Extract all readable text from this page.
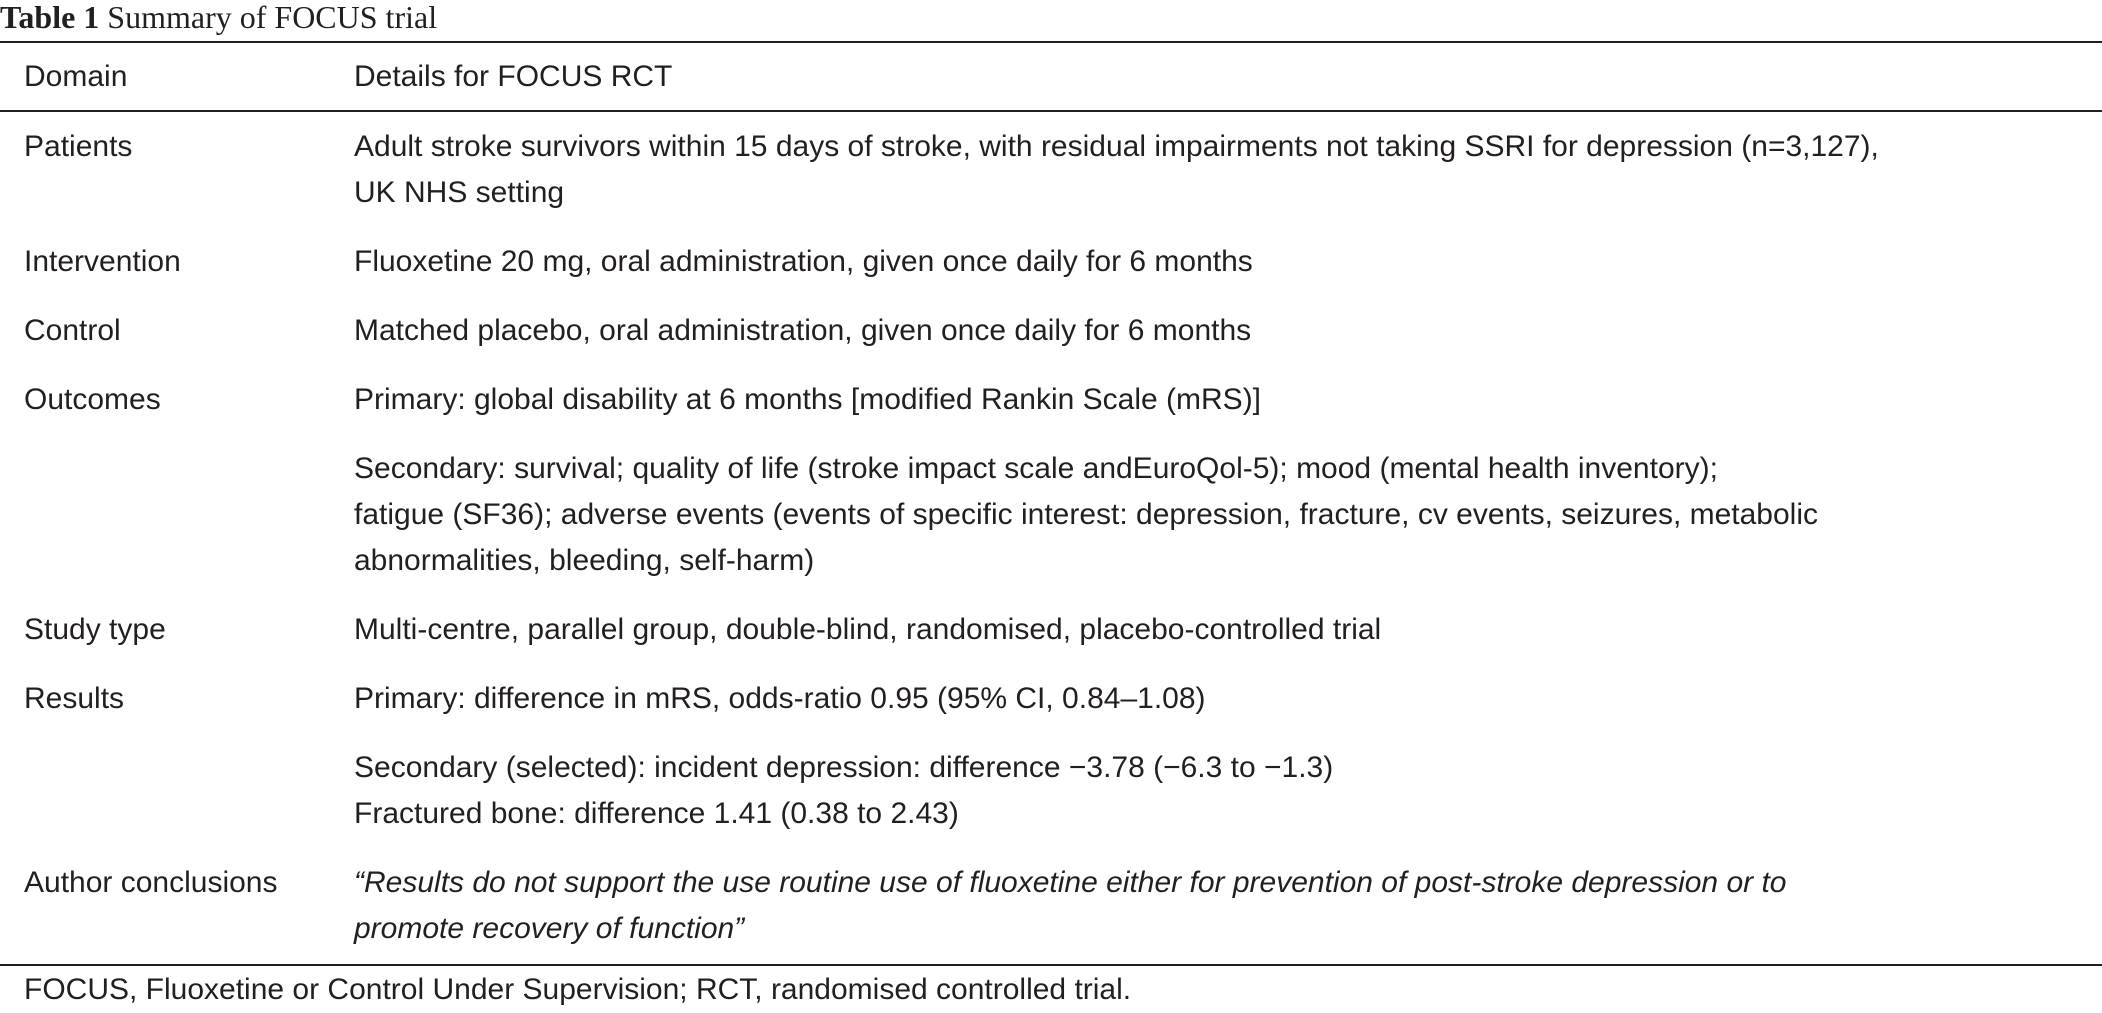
Table 1 Summary of FOCUS trial
Domain	Details for FOCUS RCT
Patients	Adult stroke survivors within 15 days of stroke, with residual impairments not taking SSRI for depression (n=3,127),
UK NHS setting

Intervention	Fluoxetine 20 mg, oral administration, given once daily for 6 months

Control	Matched placebo, oral administration, given once daily for 6 months

Outcomes	Primary: global disability at 6 months [modified Rankin Scale (mRS)]

Secondary: survival; quality of life (stroke impact scale andEuroQol-5); mood (mental health inventory);
fatigue (SF36); adverse events (events of specific interest: depression, fracture, cv events, seizures, metabolic
abnormalities, bleeding, self-harm)

Study type	Multi-centre, parallel group, double-blind, randomised, placebo-controlled trial

Results	Primary: difference in mRS, odds-ratio 0.95 (95% CI, 0.84–1.08)

Secondary (selected): incident depression: difference −3.78 (−6.3 to −1.3)
Fractured bone: difference 1.41 (0.38 to 2.43)

Author conclusions	“Results do not support the use routine use of fluoxetine either for prevention of post-stroke depression or to
promote recovery of function”

FOCUS, Fluoxetine or Control Under Supervision; RCT, randomised controlled trial.
